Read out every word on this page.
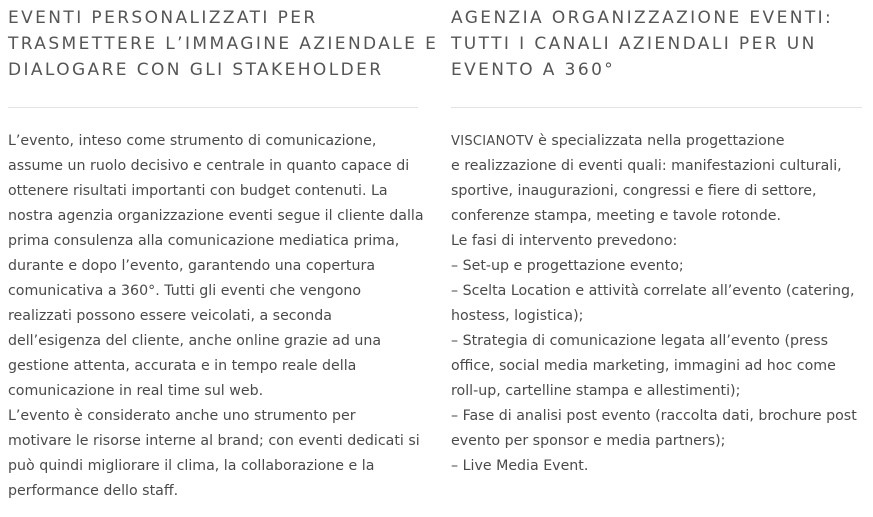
EVENTI PERSONALIZZATI PER
TRASMETTERE L’IMMAGINE AZIENDALE E
DIALOGARE CON GLI STAKEHOLDER
L’evento, inteso come strumento di comunicazione,
assume un ruolo decisivo e centrale in quanto capace di
ottenere risultati importanti con budget contenuti. La
nostra agenzia organizzazione eventi segue il cliente dalla
prima consulenza alla comunicazione mediatica prima,
durante e dopo l’evento, garantendo una copertura
comunicativa a 360°. Tutti gli eventi che vengono
realizzati possono essere veicolati, a seconda
dell’esigenza del cliente, anche online grazie ad una
gestione attenta, accurata e in tempo reale della
comunicazione in real time sul web.
L’evento è considerato anche uno strumento per
motivare le risorse interne al brand; con eventi dedicati si
può quindi migliorare il clima, la collaborazione e la
performance dello staff.
AGENZIA ORGANIZZAZIONE EVENTI:
TUTTI I CANALI AZIENDALI PER UN
EVENTO A 360°
VISCIANOTV è specializzata nella progettazione
e realizzazione di eventi quali: manifestazioni culturali,
sportive, inaugurazioni, congressi e fiere di settore,
conferenze stampa, meeting e tavole rotonde.
Le fasi di intervento prevedono:
– Set-up e progettazione evento;
– Scelta Location e attività correlate all’evento (catering,
hostess, logistica);
– Strategia di comunicazione legata all’evento (press
office, social media marketing, immagini ad hoc come
roll-up, cartelline stampa e allestimenti);
– Fase di analisi post evento (raccolta dati, brochure post
evento per sponsor e media partners);
– Live Media Event.
